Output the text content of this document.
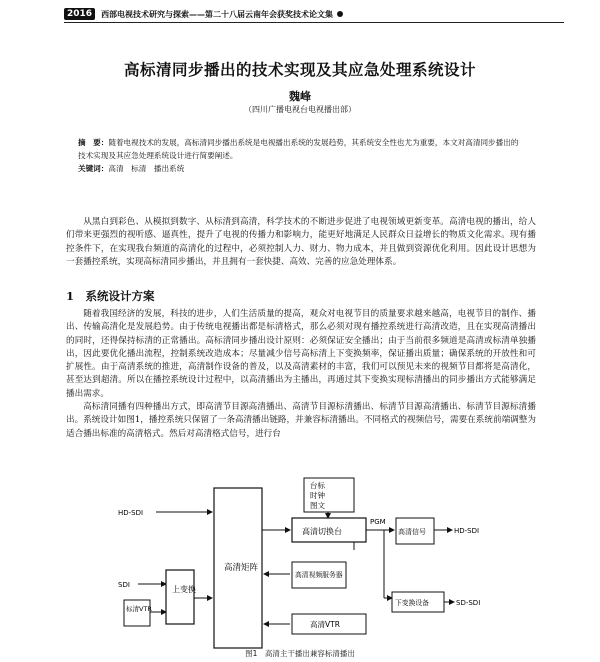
2016	西部电视技术研究与探索——第二十八届云南年会获奖技术论文集
高标清同步播出的技术实现及其应急处理系统设计
魏峰
（四川广播电视台电视播出部）

摘　要：随着电视技术的发展，高标清同步播出系统是电视播出系统的发展趋势，其系统安全性也尤为重要，本文对高清同步播出的技术实现及其应急处理系统设计进行简要阐述。

关键词：高清　标清　播出系统

从黑白到彩色、从模拟到数字、从标清到高清，科学技术的不断进步促进了电视领域更新变革。高清电视的播出，给人们带来更强烈的视听感、逼真性，提升了电视的传播力和影响力，能更好地满足人民群众日益增长的物质文化需求。现有播控条件下，在实现我台频道的高清化的过程中，必须控制人力、财力、物力成本，并且做到资源优化利用。因此设计思想为一套播控系统，实现高标清同步播出，并且拥有一套快捷、高效、完善的应急处理体系。

1　系统设计方案

随着我国经济的发展，科技的进步，人们生活质量的提高，观众对电视节目的质量要求越来越高，电视节目的制作、播出、传输高清化是发展趋势。由于传统电视播出都是标清格式，那么必须对现有播控系统进行高清改造，且在实现高清播出的同时，还得保持标清的正常播出。高标清同步播出设计原则：必须保证安全播出；由于当前很多频道是高清或标清单独播出，因此要优化播出流程，控制系统改造成本；尽量减少信号高标清上下变换频率，保证播出质量；确保系统的开放性和可扩展性。由于高清系统的推进，高清制作设备的普及，以及高清素材的丰富，我们可以预见未来的视频节目都将是高清化，甚至达到超清。所以在播控系统设计过程中，以高清播出为主播出，再通过其下变换实现标清播出的同步播出方式能够满足播出需求。

高标清同播有四种播出方式，即高清节目源高清播出、高清节目源标清播出、标清节目源高清播出、标清节目源标清播出。系统设计如图1，播控系统只保留了一条高清播出链路，并兼容标清播出。不同格式的视频信号，需要在系统前端调整为适合播出标准的高清格式。然后对高清格式信号，进行台

HD-SDI
SDI
标清VTR
上变换
高清矩阵
台标
时钟
图文
高清切换台
PGM
高清信号	HD-SDI
高清视频服务器
高清VTR
下变换设备	SD-SDI
图1　高清主干播出兼容标清播出
